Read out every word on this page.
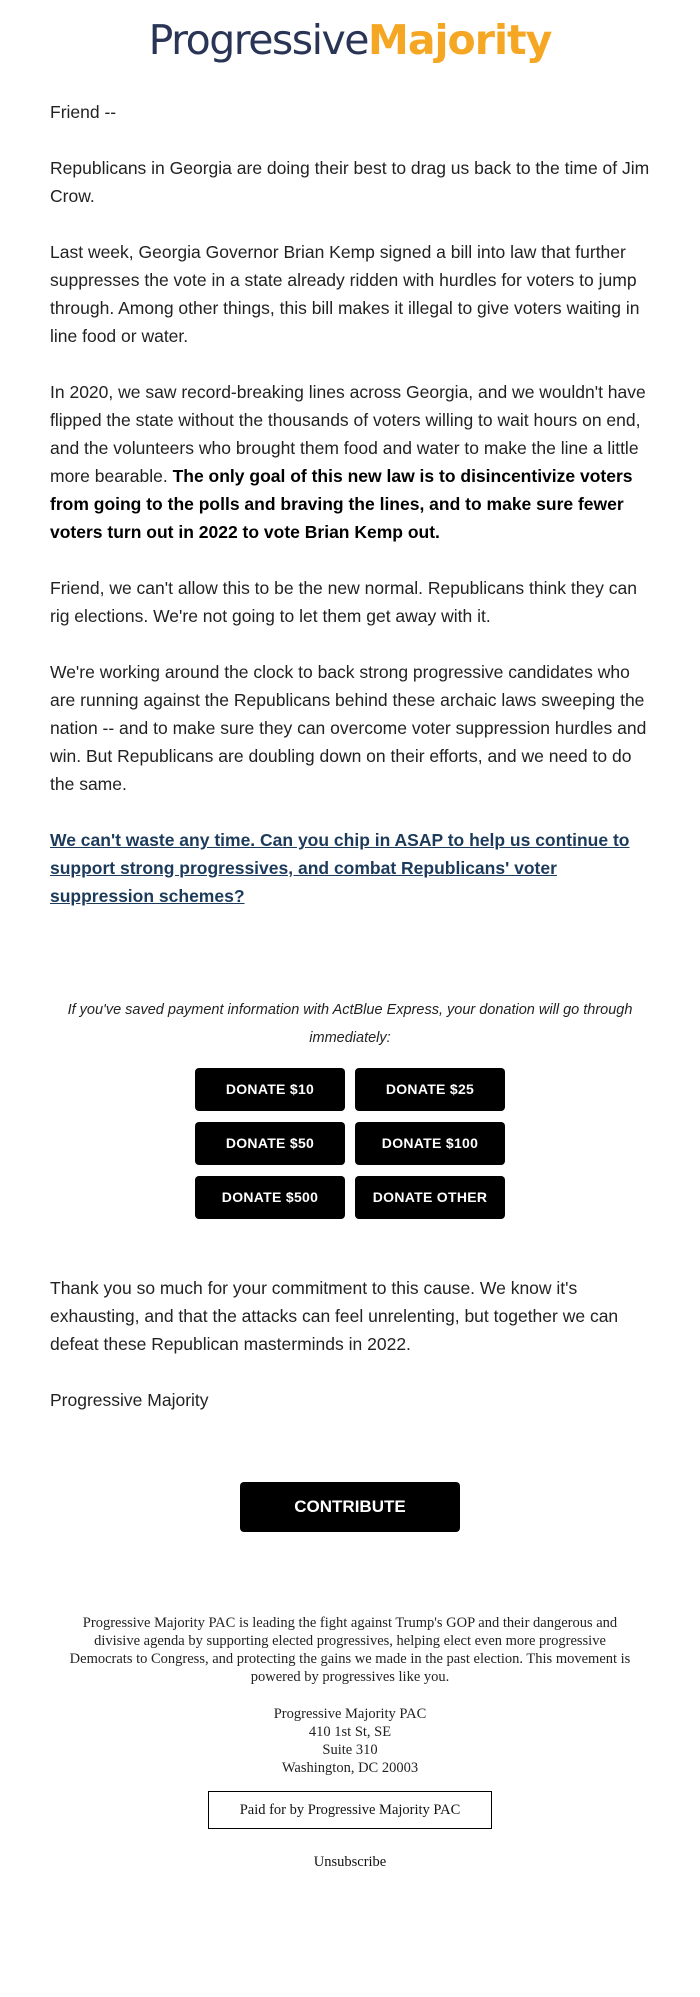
ProgressiveMajority

Friend --

Republicans in Georgia are doing their best to drag us back to the time of Jim Crow.

Last week, Georgia Governor Brian Kemp signed a bill into law that further suppresses the vote in a state already ridden with hurdles for voters to jump through. Among other things, this bill makes it illegal to give voters waiting in line food or water.

In 2020, we saw record-breaking lines across Georgia, and we wouldn't have flipped the state without the thousands of voters willing to wait hours on end, and the volunteers who brought them food and water to make the line a little more bearable. The only goal of this new law is to disincentivize voters from going to the polls and braving the lines, and to make sure fewer voters turn out in 2022 to vote Brian Kemp out.

Friend, we can't allow this to be the new normal. Republicans think they can rig elections. We're not going to let them get away with it.

We're working around the clock to back strong progressive candidates who are running against the Republicans behind these archaic laws sweeping the nation -- and to make sure they can overcome voter suppression hurdles and win. But Republicans are doubling down on their efforts, and we need to do the same.

We can't waste any time. Can you chip in ASAP to help us continue to support strong progressives, and combat Republicans' voter suppression schemes?

If you've saved payment information with ActBlue Express, your donation will go through immediately:
DONATE $10	DONATE $25
DONATE $50	DONATE $100
DONATE $500	DONATE OTHER

Thank you so much for your commitment to this cause. We know it's exhausting, and that the attacks can feel unrelenting, but together we can defeat these Republican masterminds in 2022.

Progressive Majority

CONTRIBUTE
Progressive Majority PAC is leading the fight against Trump's GOP and their dangerous and divisive agenda by supporting elected progressives, helping elect even more progressive Democrats to Congress, and protecting the gains we made in the past election. This movement is powered by progressives like you.
Progressive Majority PAC
410 1st St, SE
Suite 310
Washington, DC 20003
Paid for by Progressive Majority PAC
Unsubscribe
